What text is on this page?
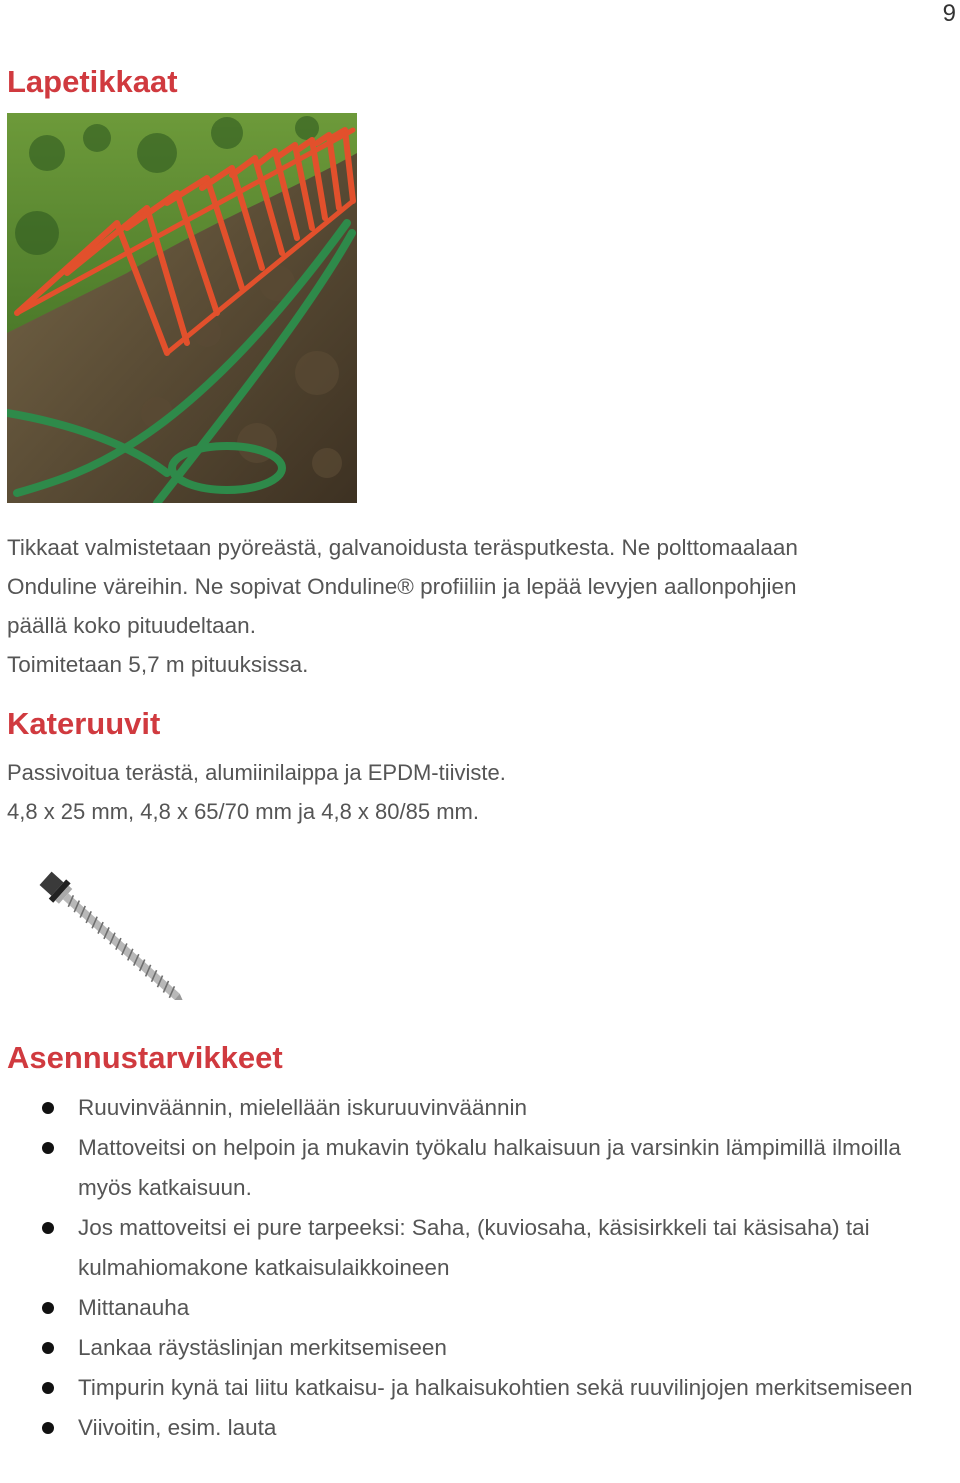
9
Lapetikkaat
Tikkaat valmistetaan pyöreästä, galvanoidusta teräsputkesta. Ne polttomaalaan
Onduline väreihin. Ne sopivat Onduline® profiiliin ja lepää levyjen aallonpohjien
päällä koko pituudeltaan.
Toimitetaan 5,7 m pituuksissa.
Kateruuvit
Passivoitua terästä, alumiinilaippa ja EPDM-tiiviste.
4,8 x 25 mm, 4,8 x 65/70 mm ja 4,8 x 80/85 mm.
Asennustarvikkeet
Ruuvinväännin, mielellään iskuruuvinväännin
Mattoveitsi on helpoin ja mukavin työkalu halkaisuun ja varsinkin lämpimillä ilmoilla myös katkaisuun.
Jos mattoveitsi ei pure tarpeeksi: Saha, (kuviosaha, käsisirkkeli tai käsisaha) tai kulmahiomakone katkaisulaikkoineen
Mittanauha
Lankaa räystäslinjan merkitsemiseen
Timpurin kynä tai liitu katkaisu- ja halkaisukohtien sekä ruuvilinjojen merkitsemiseen
Viivoitin, esim. lauta
